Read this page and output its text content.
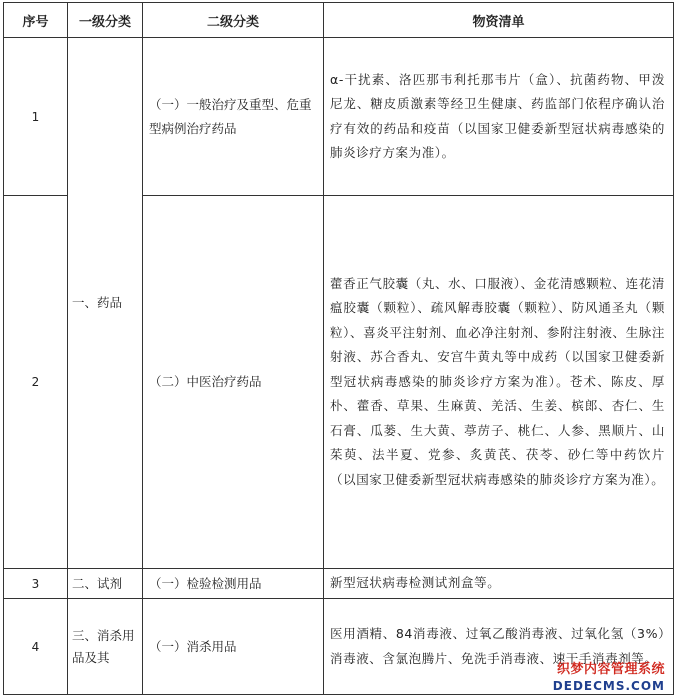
序号	一级分类	二级分类	物资清单
1	一、药品	（一）一般治疗及重型、危重型病例治疗药品	α-干扰素、洛匹那韦利托那韦片（盒）、抗菌药物、甲泼尼龙、糖皮质激素等经卫生健康、药监部门依程序确认治疗有效的药品和疫苗（以国家卫健委新型冠状病毒感染的肺炎诊疗方案为准）。

2		（二）中医治疗药品	藿香正气胶囊（丸、水、口服液）、金花清感颗粒、连花清瘟胶囊（颗粒）、疏风解毒胶囊（颗粒）、防风通圣丸（颗粒）、喜炎平注射剂、血必净注射剂、参附注射液、生脉注射液、苏合香丸、安宫牛黄丸等中成药（以国家卫健委新型冠状病毒感染的肺炎诊疗方案为准）。苍术、陈皮、厚朴、藿香、草果、生麻黄、羌活、生姜、槟郎、杏仁、生石膏、瓜蒌、生大黄、葶苈子、桃仁、人参、黑顺片、山茱萸、法半夏、党参、炙黄芪、茯苓、砂仁等中药饮片（以国家卫健委新型冠状病毒感染的肺炎诊疗方案为准）。

3	二、试剂	（一）检验检测用品	新型冠状病毒检测试剂盒等。

4	三、消杀用品及其	（一）消杀用品	医用酒精、84消毒液、过氧乙酸消毒液、过氧化氢（3%）消毒液、含氯泡腾片、免洗手消毒液、速干手消毒剂等。
织梦内容管理系统
DEDECMS.COM
